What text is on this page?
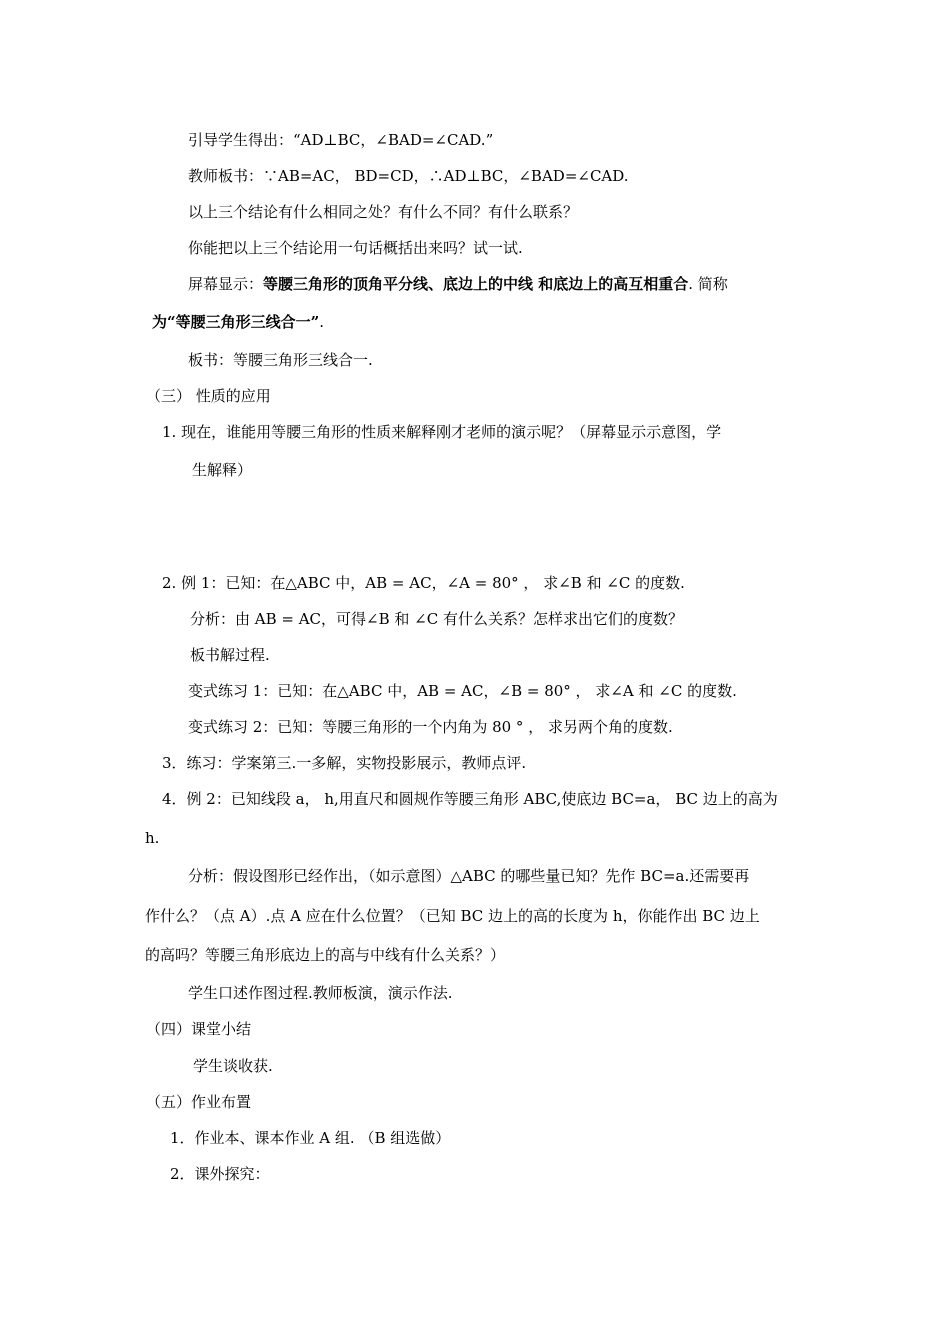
引导学生得出：“AD⊥BC，∠BAD=∠CAD.”
教师板书：∵AB=AC， BD=CD，∴AD⊥BC，∠BAD=∠CAD.
以上三个结论有什么相同之处？有什么不同？有什么联系？
你能把以上三个结论用一句话概括出来吗？试一试.
屏幕显示：等腰三角形的顶角平分线、底边上的中线 和底边上的高互相重合. 简称
为“等腰三角形三线合一”.
板书：等腰三角形三线合一.
（三） 性质的应用
1. 现在，谁能用等腰三角形的性质来解释刚才老师的演示呢？（屏幕显示示意图，学
生解释）
2. 例 1：已知：在△ABC 中，AB = AC，∠A = 80° ， 求∠B 和 ∠C 的度数.
分析：由 AB = AC，可得∠B 和 ∠C 有什么关系？怎样求出它们的度数？
板书解过程.
变式练习 1：已知：在△ABC 中，AB = AC，∠B = 80° ， 求∠A 和 ∠C 的度数.
变式练习 2：已知：等腰三角形的一个内角为 80 ° ， 求另两个角的度数.
3．练习：学案第三.一多解，实物投影展示，教师点评.
4．例 2：已知线段 a， h,用直尺和圆规作等腰三角形 ABC,使底边 BC=a， BC 边上的高为
h.
分析：假设图形已经作出，（如示意图）△ABC 的哪些量已知？先作 BC=a.还需要再
作什么？（点 A）.点 A 应在什么位置？（已知 BC 边上的高的长度为 h，你能作出 BC 边上
的高吗？等腰三角形底边上的高与中线有什么关系？）
学生口述作图过程.教师板演，演示作法.
（四）课堂小结
学生谈收获.
（五）作业布置
1．作业本、课本作业 A 组. （B 组选做）
2．课外探究：
